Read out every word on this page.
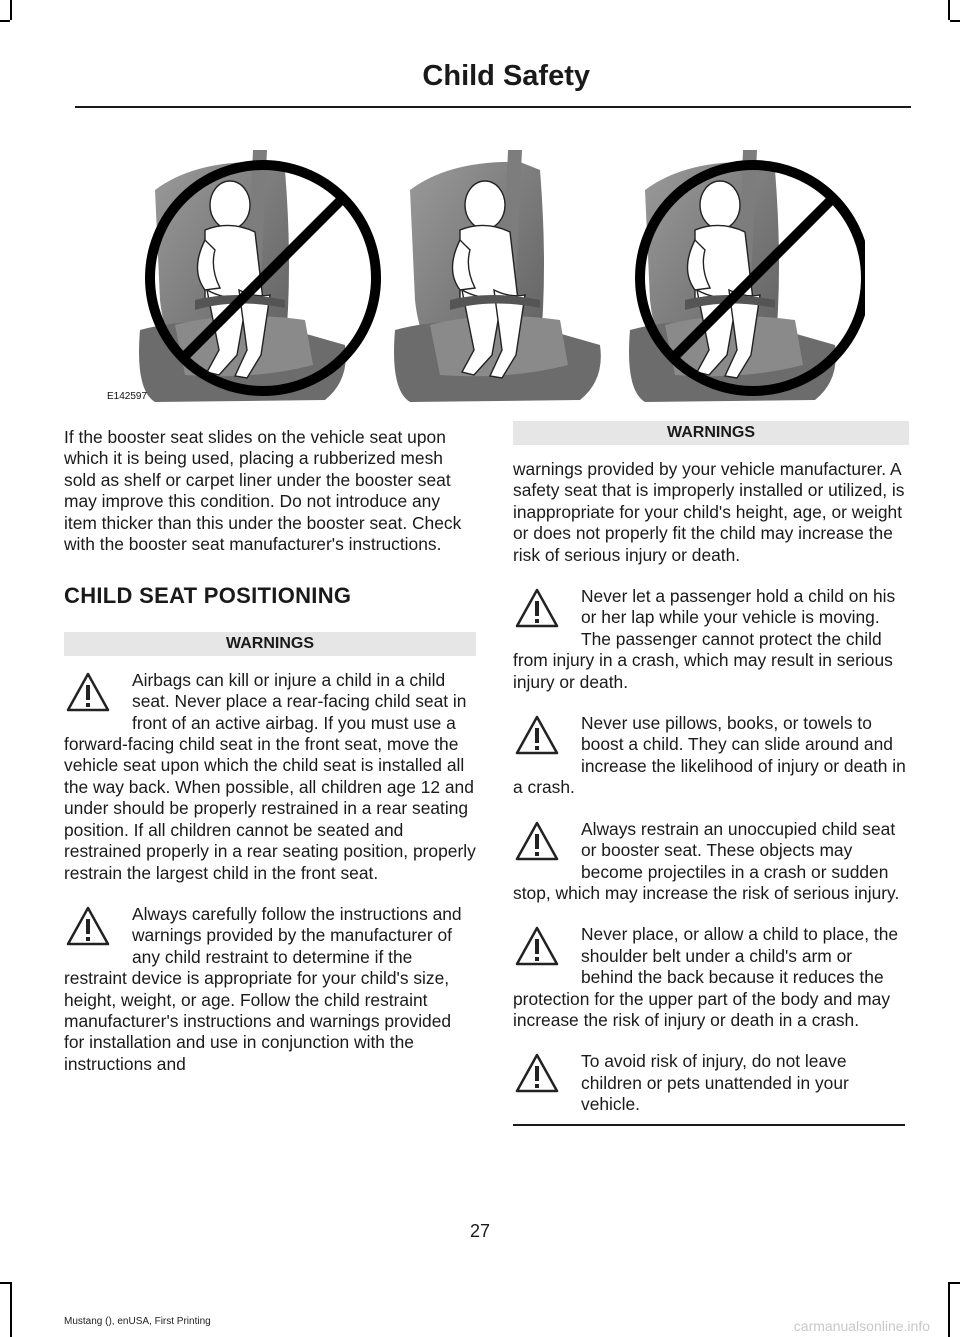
Child Safety
E142597

If the booster seat slides on the vehicle seat upon which it is being used, placing a rubberized mesh sold as shelf or carpet liner under the booster seat may improve this condition. Do not introduce any item thicker than this under the booster seat. Check with the booster seat manufacturer's instructions.

CHILD SEAT POSITIONING
WARNINGS
Airbags can kill or injure a child in a child seat. Never place a rear-facing child seat in front of an active airbag. If you must use a forward-facing child seat in the front seat, move the vehicle seat upon which the child seat is installed all the way back. When possible, all children age 12 and under should be properly restrained in a rear seating position. If all children cannot be seated and restrained properly in a rear seating position, properly restrain the largest child in the front seat.
Always carefully follow the instructions and warnings provided by the manufacturer of any child restraint to determine if the restraint device is appropriate for your child's size, height, weight, or age. Follow the child restraint manufacturer's instructions and warnings provided for installation and use in conjunction with the instructions and
WARNINGS

warnings provided by your vehicle manufacturer. A safety seat that is improperly installed or utilized, is inappropriate for your child's height, age, or weight or does not properly fit the child may increase the risk of serious injury or death.

Never let a passenger hold a child on his or her lap while your vehicle is moving. The passenger cannot protect the child from injury in a crash, which may result in serious injury or death.
Never use pillows, books, or towels to boost a child. They can slide around and increase the likelihood of injury or death in a crash.
Always restrain an unoccupied child seat or booster seat. These objects may become projectiles in a crash or sudden stop, which may increase the risk of serious injury.
Never place, or allow a child to place, the shoulder belt under a child's arm or behind the back because it reduces the protection for the upper part of the body and may increase the risk of injury or death in a crash.
To avoid risk of injury, do not leave children or pets unattended in your vehicle.
27
Mustang (), enUSA, First Printing	carmanualsonline.info
